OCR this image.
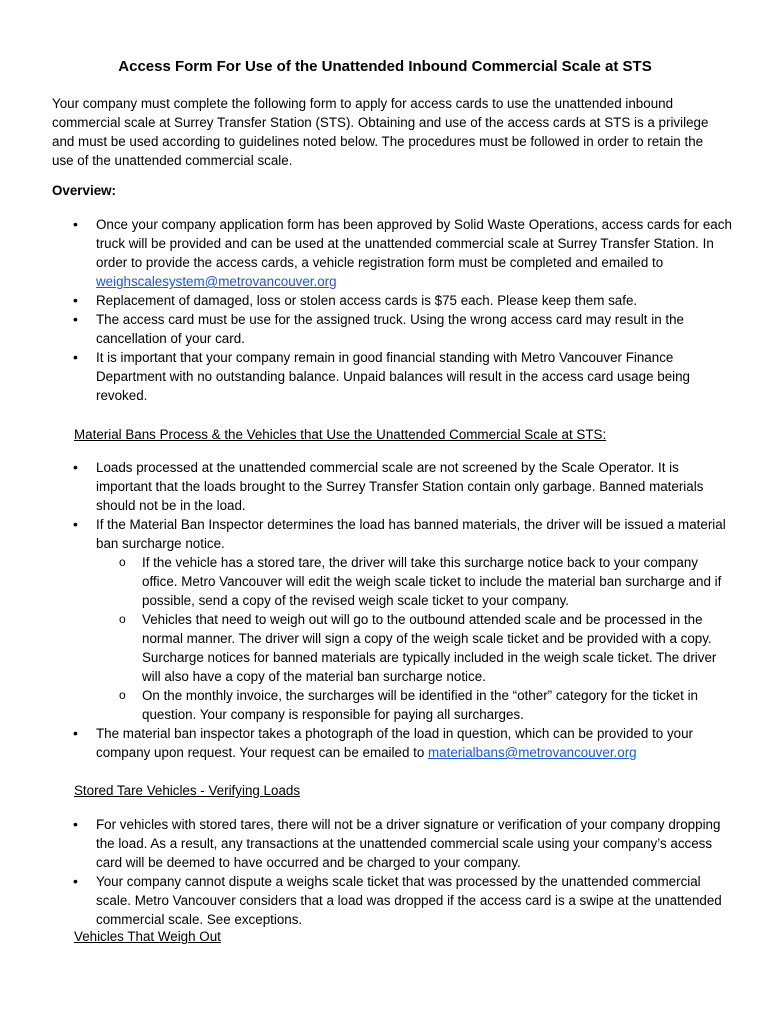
Access Form For Use of the Unattended Inbound Commercial Scale at STS

Your company must complete the following form to apply for access cards to use the unattended inbound commercial scale at Surrey Transfer Station (STS). Obtaining and use of the access cards at STS is a privilege and must be used according to guidelines noted below. The procedures must be followed in order to retain the use of the unattended commercial scale.

Overview:

• Once your company application form has been approved by Solid Waste Operations, access cards for each truck will be provided and can be used at the unattended commercial scale at Surrey Transfer Station. In order to provide the access cards, a vehicle registration form must be completed and emailed to weighscalesystem@metrovancouver.org
• Replacement of damaged, loss or stolen access cards is $75 each. Please keep them safe.
• The access card must be use for the assigned truck. Using the wrong access card may result in the cancellation of your card.
• It is important that your company remain in good financial standing with Metro Vancouver Finance Department with no outstanding balance. Unpaid balances will result in the access card usage being revoked.

Material Bans Process & the Vehicles that Use the Unattended Commercial Scale at STS:

• Loads processed at the unattended commercial scale are not screened by the Scale Operator. It is important that the loads brought to the Surrey Transfer Station contain only garbage. Banned materials should not be in the load.
• If the Material Ban Inspector determines the load has banned materials, the driver will be issued a material ban surcharge notice.
o If the vehicle has a stored tare, the driver will take this surcharge notice back to your company office. Metro Vancouver will edit the weigh scale ticket to include the material ban surcharge and if possible, send a copy of the revised weigh scale ticket to your company.
o Vehicles that need to weigh out will go to the outbound attended scale and be processed in the normal manner. The driver will sign a copy of the weigh scale ticket and be provided with a copy. Surcharge notices for banned materials are typically included in the weigh scale ticket. The driver will also have a copy of the material ban surcharge notice.
o On the monthly invoice, the surcharges will be identified in the “other” category for the ticket in question. Your company is responsible for paying all surcharges.
• The material ban inspector takes a photograph of the load in question, which can be provided to your company upon request. Your request can be emailed to materialbans@metrovancouver.org

Stored Tare Vehicles - Verifying Loads

• For vehicles with stored tares, there will not be a driver signature or verification of your company dropping the load. As a result, any transactions at the unattended commercial scale using your company’s access card will be deemed to have occurred and be charged to your company.
• Your company cannot dispute a weighs scale ticket that was processed by the unattended commercial scale. Metro Vancouver considers that a load was dropped if the access card is a swipe at the unattended commercial scale. See exceptions.

Vehicles That Weigh Out
